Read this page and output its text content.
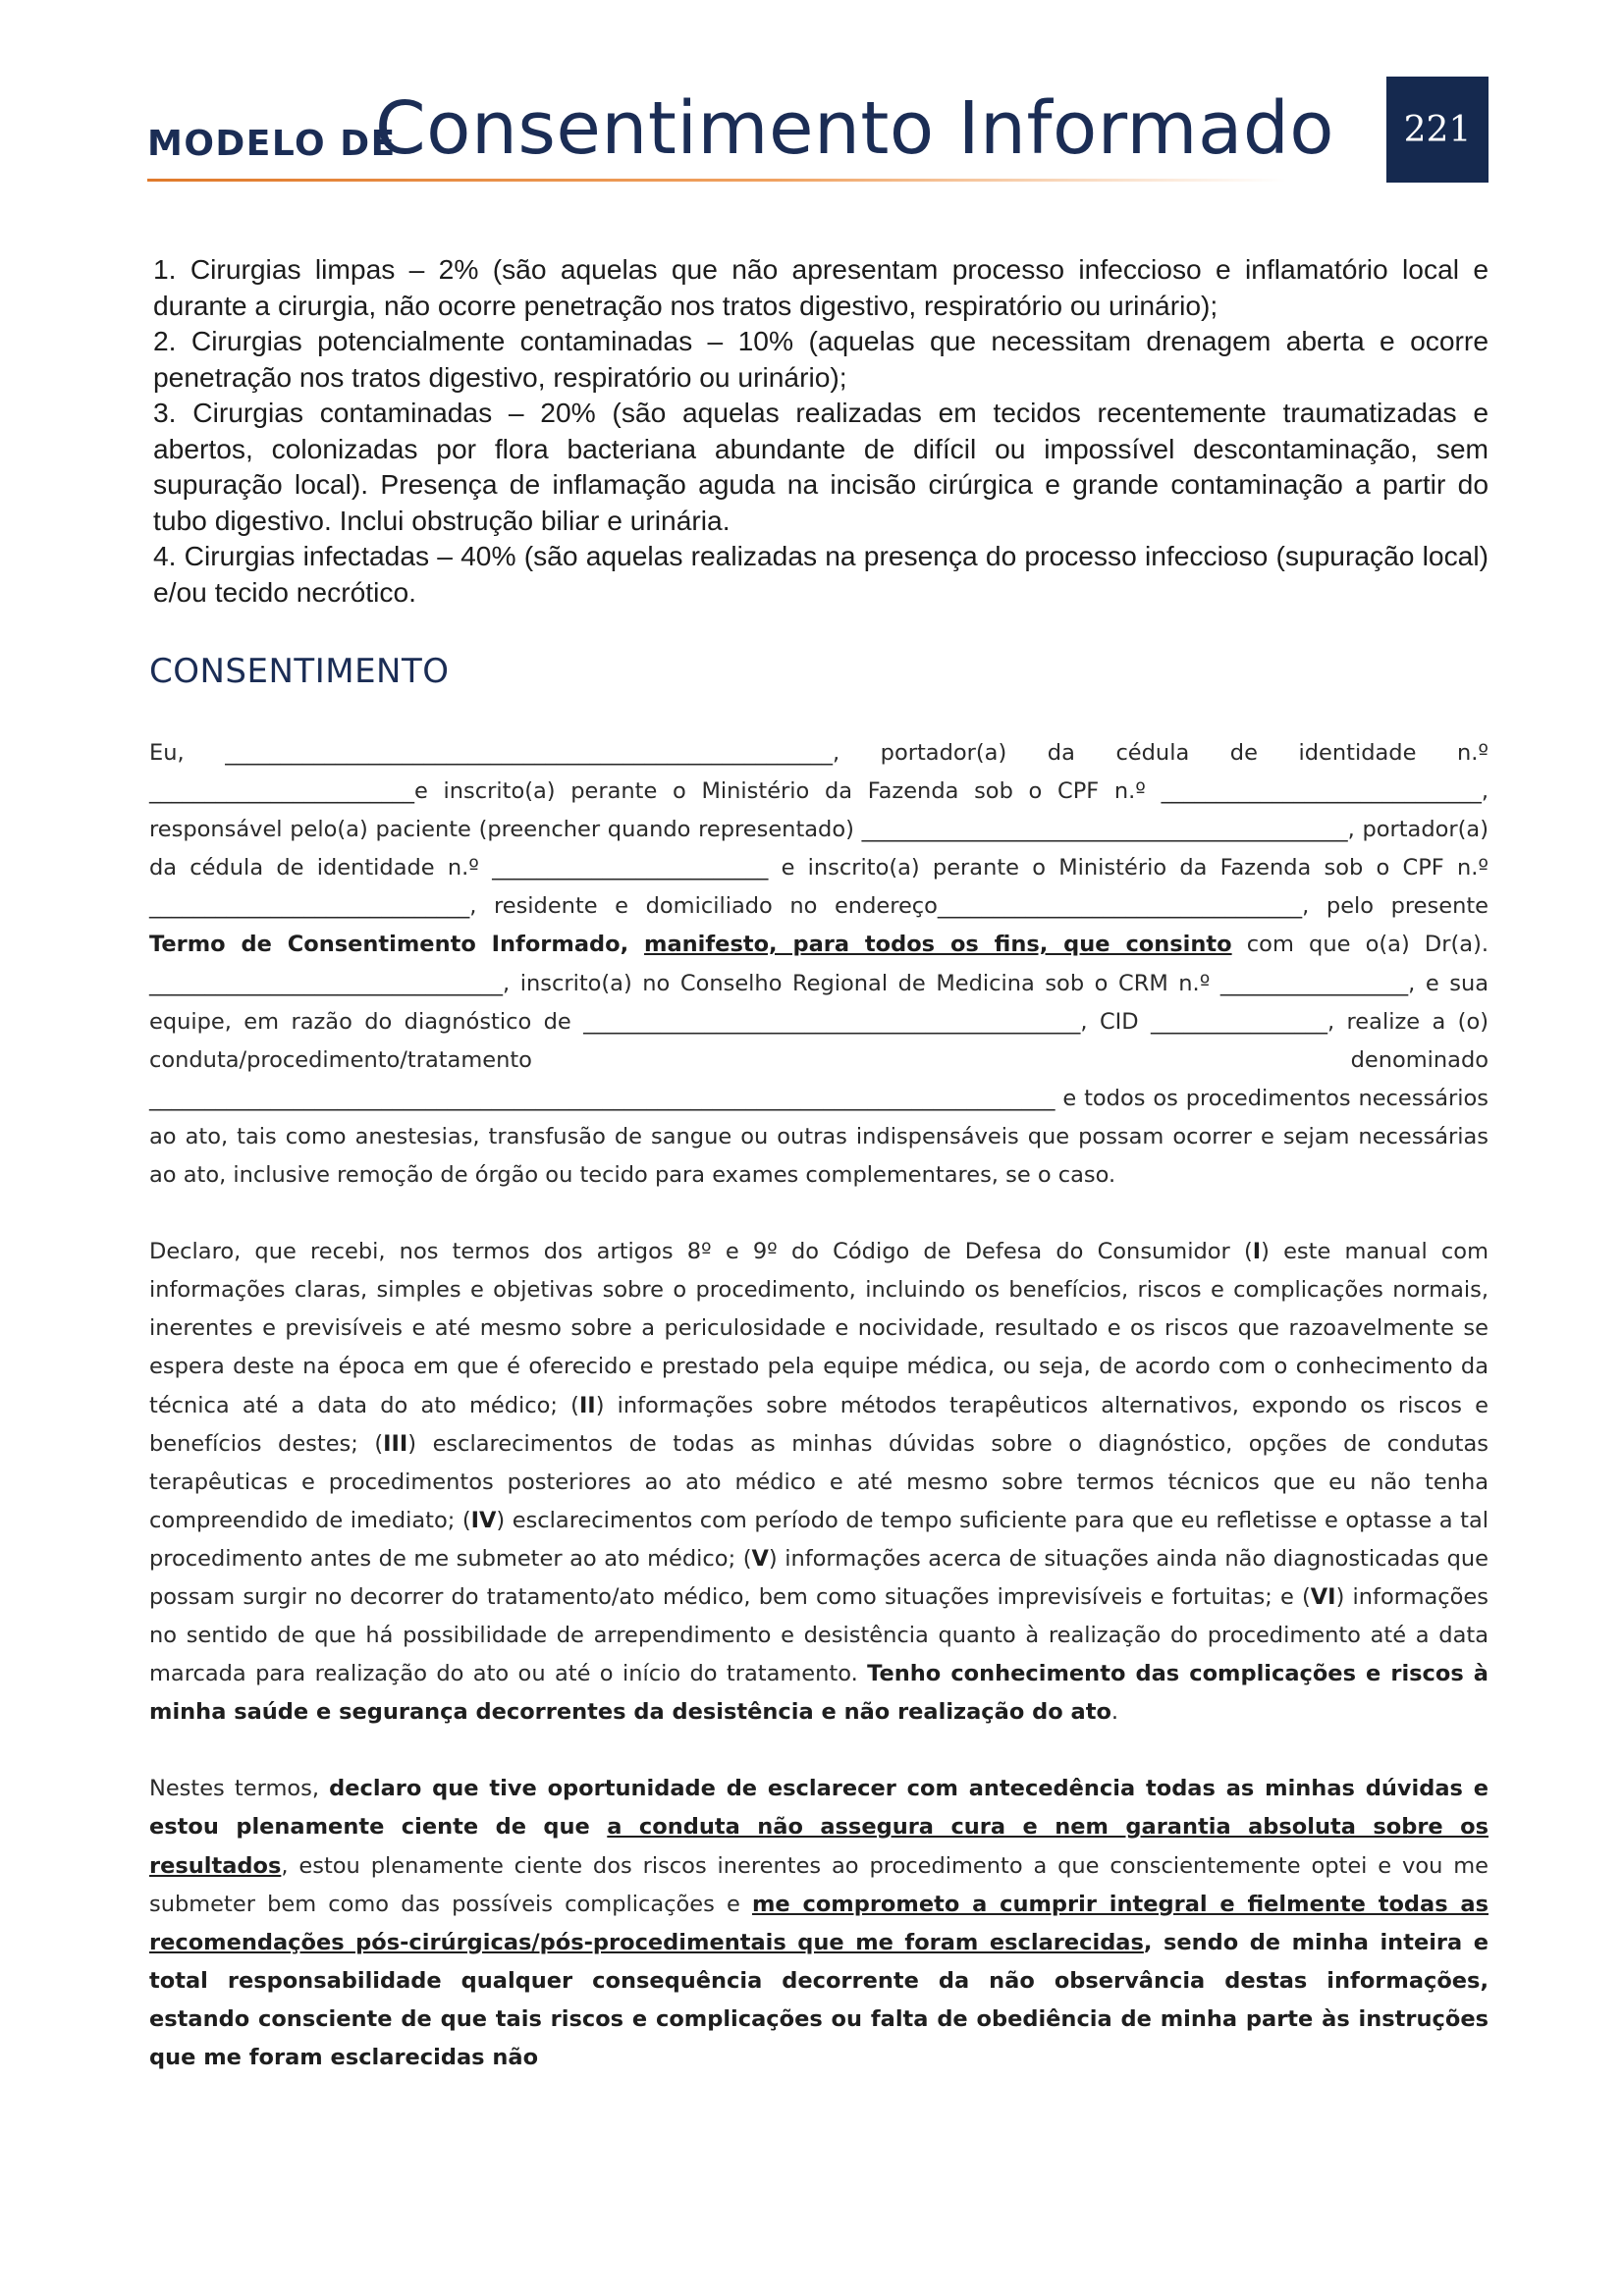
MODELO DE
Consentimento Informado	221

1. Cirurgias limpas – 2% (são aquelas que não apresentam processo infeccioso e inflamatório local e durante a cirurgia, não ocorre penetração nos tratos digestivo, respiratório ou urinário);

2. Cirurgias potencialmente contaminadas – 10% (aquelas que necessitam drenagem aberta e ocorre penetração nos tratos digestivo, respiratório ou urinário);

3. Cirurgias contaminadas – 20% (são aquelas realizadas em tecidos recentemente traumatizadas e abertos, colonizadas por flora bacteriana abundante de difícil ou impossível descontaminação, sem supuração local). Presença de inflamação aguda na incisão cirúrgica e grande contaminação a partir do tubo digestivo. Inclui obstrução biliar e urinária.

4. Cirurgias infectadas – 40% (são aquelas realizadas na presença do processo infeccioso (supuração local) e/ou tecido necrótico.

CONSENTIMENTO

Eu, _______________________________________________________, portador(a) da cédula de identidade n.º ________________________e inscrito(a) perante o Ministério da Fazenda sob o CPF n.º _____________________________, responsável pelo(a) paciente (preencher quando representado) ____________________________________________, portador(a) da cédula de identidade n.º _________________________ e inscrito(a) perante o Ministério da Fazenda sob o CPF n.º _____________________________, residente e domiciliado no endereço_________________________________, pelo presente Termo de Consentimento Informado, manifesto, para todos os fins, que consinto com que o(a) Dr(a). ________________________________, inscrito(a) no Conselho Regional de Medicina sob o CRM n.º _________________, e sua equipe, em razão do diagnóstico de _____________________________________________, CID ________________, realize a (o) conduta/procedimento/tratamento denominado __________________________________________________________________________________ e todos os procedimentos necessários ao ato, tais como anestesias, transfusão de sangue ou outras indispensáveis que possam ocorrer e sejam necessárias ao ato, inclusive remoção de órgão ou tecido para exames complementares, se o caso.

Declaro, que recebi, nos termos dos artigos 8º e 9º do Código de Defesa do Consumidor (I) este manual com informações claras, simples e objetivas sobre o procedimento, incluindo os benefícios, riscos e complicações normais, inerentes e previsíveis e até mesmo sobre a periculosidade e nocividade, resultado e os riscos que razoavelmente se espera deste na época em que é oferecido e prestado pela equipe médica, ou seja, de acordo com o conhecimento da técnica até a data do ato médico; (II) informações sobre métodos terapêuticos alternativos, expondo os riscos e benefícios destes; (III) esclarecimentos de todas as minhas dúvidas sobre o diagnóstico, opções de condutas terapêuticas e procedimentos posteriores ao ato médico e até mesmo sobre termos técnicos que eu não tenha compreendido de imediato; (IV) esclarecimentos com período de tempo suficiente para que eu refletisse e optasse a tal procedimento antes de me submeter ao ato médico; (V) informações acerca de situações ainda não diagnosticadas que possam surgir no decorrer do tratamento/ato médico, bem como situações imprevisíveis e fortuitas; e (VI) informações no sentido de que há possibilidade de arrependimento e desistência quanto à realização do procedimento até a data marcada para realização do ato ou até o início do tratamento. Tenho conhecimento das complicações e riscos à minha saúde e segurança decorrentes da desistência e não realização do ato.

Nestes termos, declaro que tive oportunidade de esclarecer com antecedência todas as minhas dúvidas e estou plenamente ciente de que a conduta não assegura cura e nem garantia absoluta sobre os resultados, estou plenamente ciente dos riscos inerentes ao procedimento a que conscientemente optei e vou me submeter bem como das possíveis complicações e me comprometo a cumprir integral e fielmente todas as recomendações pós-cirúrgicas/pós-procedimentais que me foram esclarecidas, sendo de minha inteira e total responsabilidade qualquer consequência decorrente da não observância destas informações, estando consciente de que tais riscos e complicações ou falta de obediência de minha parte às instruções que me foram esclarecidas não
